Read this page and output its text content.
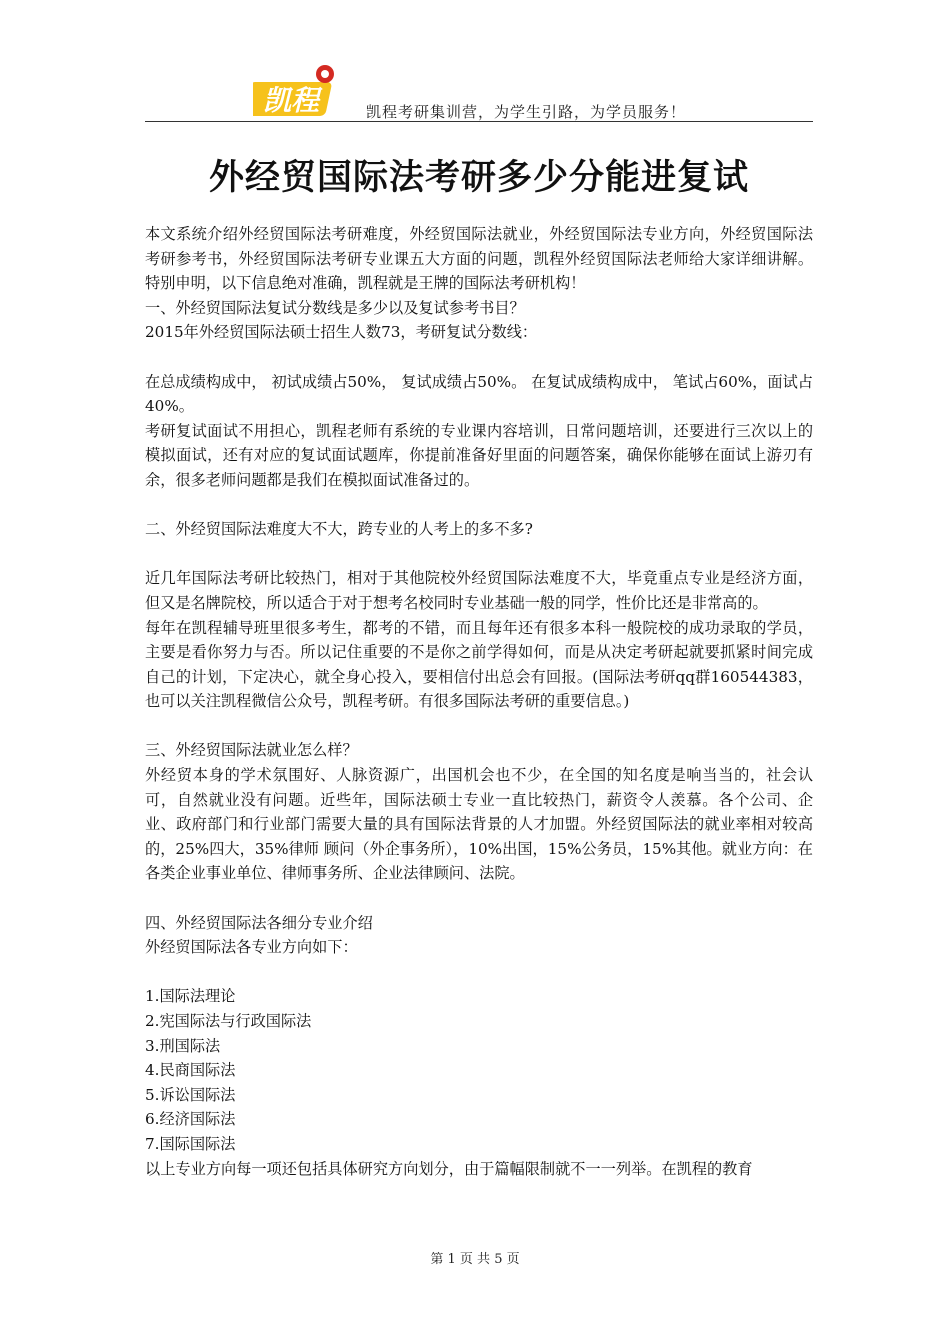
凯程	凯程考研集训营，为学生引路，为学员服务！
外经贸国际法考研多少分能进复试

本文系统介绍外经贸国际法考研难度，外经贸国际法就业，外经贸国际法专业方向，外经贸国际法考研参考书，外经贸国际法考研专业课五大方面的问题，凯程外经贸国际法老师给大家详细讲解。特别申明，以下信息绝对准确，凯程就是王牌的国际法考研机构！

一、外经贸国际法复试分数线是多少以及复试参考书目？

2015年外经贸国际法硕士招生人数73，考研复试分数线：

在总成绩构成中， 初试成绩占50%， 复试成绩占50%。 在复试成绩构成中， 笔试占60%，面试占40%。

考研复试面试不用担心，凯程老师有系统的专业课内容培训，日常问题培训，还要进行三次以上的模拟面试，还有对应的复试面试题库，你提前准备好里面的问题答案，确保你能够在面试上游刃有余，很多老师问题都是我们在模拟面试准备过的。

二、外经贸国际法难度大不大，跨专业的人考上的多不多?

近几年国际法考研比较热门，相对于其他院校外经贸国际法难度不大，毕竟重点专业是经济方面，但又是名牌院校，所以适合于对于想考名校同时专业基础一般的同学，性价比还是非常高的。

每年在凯程辅导班里很多考生，都考的不错，而且每年还有很多本科一般院校的成功录取的学员，主要是看你努力与否。所以记住重要的不是你之前学得如何，而是从决定考研起就要抓紧时间完成自己的计划，下定决心，就全身心投入，要相信付出总会有回报。(国际法考研qq群160544383，也可以关注凯程微信公众号，凯程考研。有很多国际法考研的重要信息。)

三、外经贸国际法就业怎么样？

外经贸本身的学术氛围好、人脉资源广，出国机会也不少，在全国的知名度是响当当的，社会认可，自然就业没有问题。近些年，国际法硕士专业一直比较热门，薪资令人羡慕。各个公司、企业、政府部门和行业部门需要大量的具有国际法背景的人才加盟。外经贸国际法的就业率相对较高的，25%四大，35%律师 顾问（外企事务所），10%出国，15%公务员，15%其他。就业方向：在各类企业事业单位、律师事务所、企业法律顾问、法院。

四、外经贸国际法各细分专业介绍

外经贸国际法各专业方向如下：

1.国际法理论

2.宪国际法与行政国际法

3.刑国际法

4.民商国际法

5.诉讼国际法

6.经济国际法

7.国际国际法

以上专业方向每一项还包括具体研究方向划分，由于篇幅限制就不一一列举。在凯程的教育

第 1 页 共 5 页
